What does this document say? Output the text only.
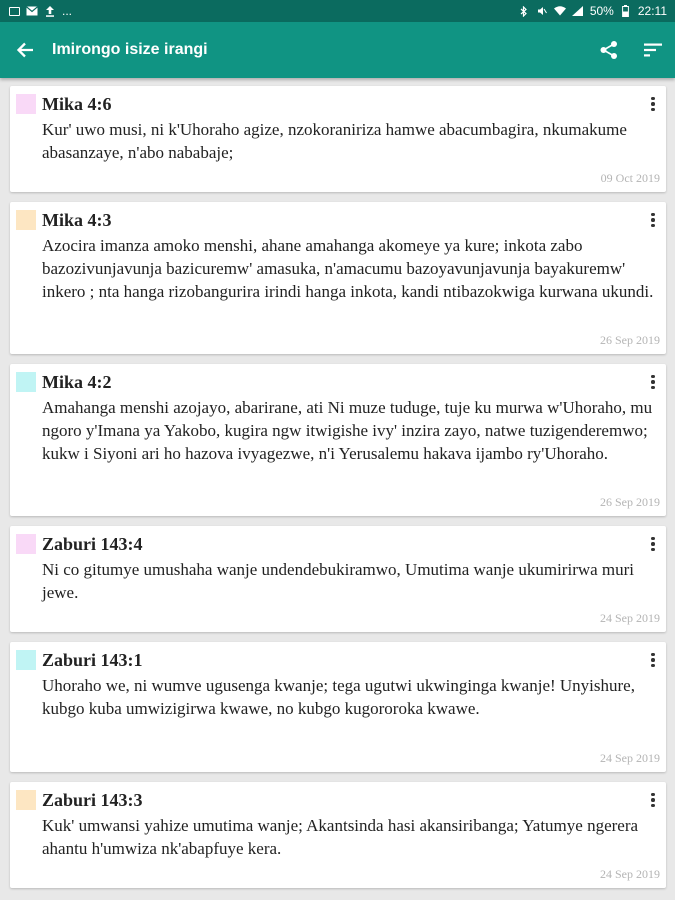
...	50% 22:11
Imirongo isize irangi
Mika 4:6
Kur' uwo musi, ni k'Uhoraho agize, nzokoraniriza hamwe abacumbagira, nkumakume abasanzaye, n'abo nababaje;
09 Oct 2019
Mika 4:3
Azocira imanza amoko menshi, ahane amahanga akomeye ya kure; inkota zabo bazozivunjavunja bazicuremw' amasuka, n'amacumu bazoyavunjavunja bayakuremw' inkero ; nta hanga rizobangurira irindi hanga inkota, kandi ntibazokwiga kurwana ukundi.
26 Sep 2019
Mika 4:2
Amahanga menshi azojayo, abarirane, ati Ni muze tuduge, tuje ku murwa w'Uhoraho, mu ngoro y'Imana ya Yakobo, kugira ngw itwigishe ivy' inzira zayo, natwe tuzigenderemwo; kukw i Siyoni ari ho hazova ivyagezwe, n'i Yerusalemu hakava ijambo ry'Uhoraho.
26 Sep 2019
Zaburi 143:4
Ni co gitumye umushaha wanje undendebukiramwo, Umutima wanje ukumirirwa muri jewe.
24 Sep 2019
Zaburi 143:1
Uhoraho we, ni wumve ugusenga kwanje; tega ugutwi ukwinginga kwanje! Unyishure, kubgo kuba umwizigirwa kwawe, no kubgo kugororoka kwawe.
24 Sep 2019
Zaburi 143:3
Kuk' umwansi yahize umutima wanje; Akantsinda hasi akansiribanga; Yatumye ngerera ahantu h'umwiza nk'abapfuye kera.
24 Sep 2019
